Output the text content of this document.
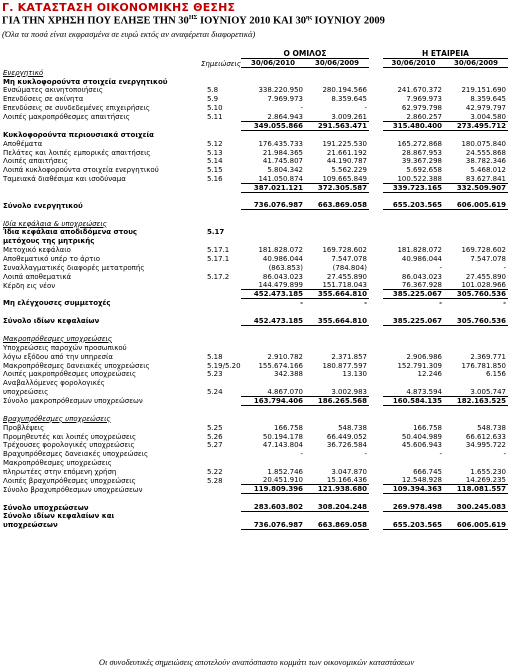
Γ. ΚΑΤΑΣΤΑΣΗ ΟΙΚΟΝΟΜΙΚΗΣ ΘΕΣΗΣ
ΓΙΑ ΤΗΝ ΧΡΗΣΗ ΠΟΥ ΕΛΗΞΕ ΤΗΝ $30^{H\Sigma}$ ΙΟΥΝΙΟΥ 2010 ΚΑΙ $30^{\eta\varsigma}$ ΙΟΥΝΙΟΥ 2009
(Όλα τα ποσά είναι εκφρασμένα σε ευρώ εκτός αν αναφέρεται διαφορετικά)
		Ο ΟΜΙΛΟΣ			Η ΕΤΑΙΡΕΙΑ	
	Σημειώσεις	30/06/2010	30/06/2009		30/06/2010	30/06/2009
Ενεργητικό						
Μη κυκλοφορούντα στοιχεία ενεργητικού						
Ενσώματες ακινητοποιήσεις	5.8	338.220.950	280.194.566		241.670.372	219.151.690
Επενδύσεις σε ακίνητα	5.9	7.969.973	8.359.645		7.969.973	8.359.645
Επενδύσεις σε συνδεδεμένες επιχειρήσεις	5.10	-	-		62.979.798	42.979.797
Λοιπές μακροπρόθεσμες απαιτήσεις	5.11	2.864.943	3.009.261		2.860.257	3.004.580
		349.055.866	291.563.471		315.480.400	273.495.712
Κυκλοφορούντα περιουσιακά στοιχεία						
Αποθέματα	5.12	176.435.733	191.225.530		165.272.868	180.075.840
Πελάτες και λοιπές εμπορικές απαιτήσεις	5.13	21.984.365	21.661.192		28.867.953	24.555.868
Λοιπές απαιτήσεις	5.14	41.745.807	44.190.787		39.367.298	38.782.346
Λοιπά κυκλοφορούντα στοιχεία ενεργητικού	5.15	5.804.342	5.562.229		5.692.658	5.468.012
Ταμειακά διαθέσιμα και ισοδύναμα	5.16	141.050.874	109.665.849		100.522.388	83.627.841
		387.021.121	372.305.587		339.723.165	332.509.907

Σύνολο ενεργητικού		736.076.987	663.869.058		655.203.565	606.005.619

Ιδία κεφάλαια & υποχρεώσεις						
Ίδια κεφάλαια αποδιδόμενα στους	5.17					
μετόχους της μητρικής						
Μετοχικό κεφάλαιο	5.17.1	181.828.072	169.728.602		181.828.072	169.728.602
Αποθεματικό υπέρ το άρτιο	5.17.1	40.986.044	7.547.078		40.986.044	7.547.078
Συναλλαγματικές διαφορές μετατροπής		(863.853)	(784.804)		-	-
Λοιπά αποθεματικά	5.17.2	86.043.023	27.455.890		86.043.023	27.455.890
Κέρδη εις νέον		144.479.899	151.718.043		76.367.928	101.028.966
		452.473.185	355.664.810		385.225.067	305.760.536
Μη ελέγχουσες συμμετοχές		-	-		-	-

Σύνολο ιδίων κεφαλαίων		452.473.185	355.664.810		385.225.067	305.760.536

Μακροπρόθεσμες υποχρεώσεις						
Υποχρεώσεις παροχών προσωπικού						
λόγω εξόδου από την υπηρεσία	5.18	2.910.782	2.371.857		2.906.986	2.369.771
Μακροπρόθεσμες δανειακές υποχρεώσεις	5.19/5.20	155.674.166	180.877.597		152.791.309	176.781.850
Λοιπές μακροπρόθεσμες υποχρεώσεις	5.23	342.388	13.130		12.246	6.156
Αναβαλλόμενες φορολογικές						
υποχρεώσεις	5.24	4.867.070	3.002.983		4.873.594	3.005.747
Σύνολο μακροπρόθεσμων υποχρεώσεων		163.794.406	186.265.568		160.584.135	182.163.525

Βραχυπρόθεσμες υποχρεώσεις						
Προβλέψεις	5.25	166.758	548.738		166.758	548.738
Προμηθευτές και λοιπές υποχρεώσεις	5.26	50.194.178	66.449.052		50.404.989	66.612.633
Τρέχουσες φορολογικές υποχρεώσεις	5.27	47.143.804	36.726.584		45.606.943	34.995.722
Βραχυπρόθεσμες δανειακές υποχρεώσεις		-	-		-	-
Μακροπρόθεσμες υποχρεώσεις						
πληρωτέες στην επόμενη χρήση	5.22	1.852.746	3.047.870		666.745	1.655.230
Λοιπές βραχυπρόθεσμες υποχρεώσεις	5.28	20.451.910	15.166.436		12.548.928	14.269.235
Σύνολο βραχυπρόθεσμων υποχρεώσεων		119.809.396	121.938.680		109.394.363	118.081.557

Σύνολο υποχρεώσεων		283.603.802	308.204.248		269.978.498	300.245.083
Σύνολο ιδίων κεφαλαίων και						
υποχρεώσεων		736.076.987	663.869.058		655.203.565	606.005.619
Οι συνοδευτικές σημειώσεις αποτελούν αναπόσπαστο κομμάτι των οικονομικών καταστάσεων
